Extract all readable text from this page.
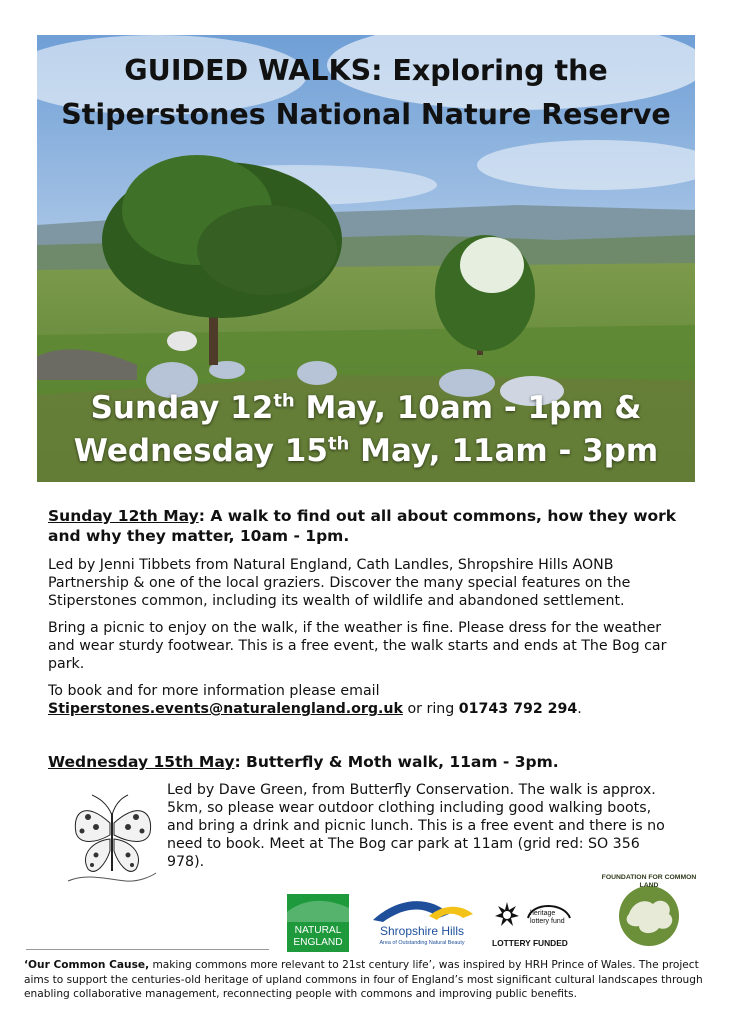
GUIDED WALKS: Exploring the
Stiperstones National Nature Reserve
Sunday 12th May, 10am - 1pm &
Wednesday 15th May, 11am - 3pm
Sunday 12th May: A walk to find out all about commons, how they work and why they matter, 10am - 1pm.

Led by Jenni Tibbets from Natural England, Cath Landles, Shropshire Hills AONB Partnership & one of the local graziers. Discover the many special features on the Stiperstones common, including its wealth of wildlife and abandoned settlement.

Bring a picnic to enjoy on the walk, if the weather is fine. Please dress for the weather and wear sturdy footwear. This is a free event, the walk starts and ends at The Bog car park.

To book and for more information please email
Stiperstones.events@naturalengland.org.uk or ring 01743 792 294.

Wednesday 15th May: Butterfly & Moth walk, 11am - 3pm.
Led by Dave Green, from Butterfly Conservation. The walk is approx. 5km, so please wear outdoor clothing including good walking boots, and bring a drink and picnic lunch. This is a free event and there is no need to book. Meet at The Bog car park at 11am (grid red: SO 356 978).
NATURAL
ENGLAND
Shropshire Hills
Area of Outstanding Natural Beauty
heritage
lottery fund
LOTTERY FUNDED
FOUNDATION FOR COMMON LAND
‘Our Common Cause, making commons more relevant to 21st century life’, was inspired by HRH Prince of Wales. The project aims to support the centuries-old heritage of upland commons in four of England’s most significant cultural landscapes through enabling collaborative management, reconnecting people with commons and improving public benefits.
